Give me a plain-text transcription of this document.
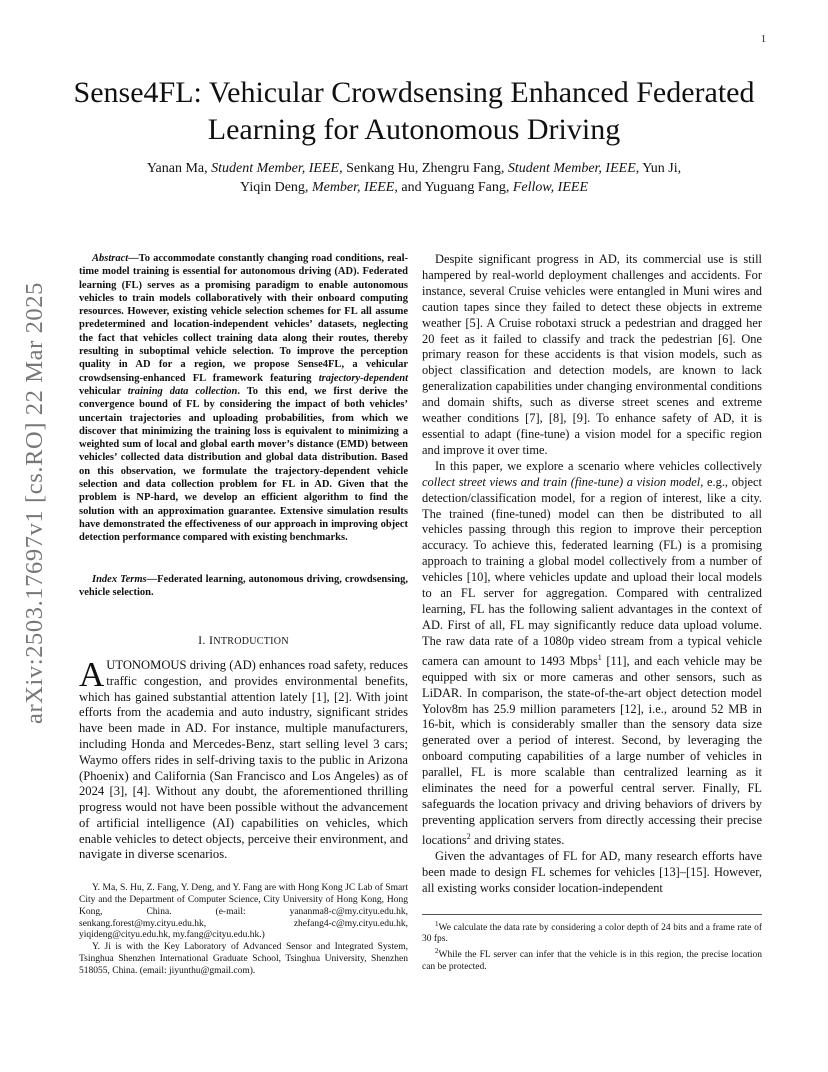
1
arXiv:2503.17697v1 [cs.RO] 22 Mar 2025
Sense4FL: Vehicular Crowdsensing Enhanced Federated Learning for Autonomous Driving
Yanan Ma, Student Member, IEEE, Senkang Hu, Zhengru Fang, Student Member, IEEE, Yun Ji,
Yiqin Deng, Member, IEEE, and Yuguang Fang, Fellow, IEEE

Abstract—To accommodate constantly changing road conditions, real-time model training is essential for autonomous driving (AD). Federated learning (FL) serves as a promising paradigm to enable autonomous vehicles to train models collaboratively with their onboard computing resources. However, existing vehicle selection schemes for FL all assume predetermined and location-independent vehicles’ datasets, neglecting the fact that vehicles collect training data along their routes, thereby resulting in suboptimal vehicle selection. To improve the perception quality in AD for a region, we propose Sense4FL, a vehicular crowdsensing-enhanced FL framework featuring trajectory-dependent vehicular training data collection. To this end, we first derive the convergence bound of FL by considering the impact of both vehicles’ uncertain trajectories and uploading probabilities, from which we discover that minimizing the training loss is equivalent to minimizing a weighted sum of local and global earth mover’s distance (EMD) between vehicles’ collected data distribution and global data distribution. Based on this observation, we formulate the trajectory-dependent vehicle selection and data collection problem for FL in AD. Given that the problem is NP-hard, we develop an efficient algorithm to find the solution with an approximation guarantee. Extensive simulation results have demonstrated the effectiveness of our approach in improving object detection performance compared with existing benchmarks.

Index Terms—Federated learning, autonomous driving, crowdsensing, vehicle selection.

I. INTRODUCTION

AUTONOMOUS driving (AD) enhances road safety, reduces traffic congestion, and provides environmental benefits, which has gained substantial attention lately [1], [2]. With joint efforts from the academia and auto industry, significant strides have been made in AD. For instance, multiple manufacturers, including Honda and Mercedes-Benz, start selling level 3 cars; Waymo offers rides in self-driving taxis to the public in Arizona (Phoenix) and California (San Francisco and Los Angeles) as of 2024 [3], [4]. Without any doubt, the aforementioned thrilling progress would not have been possible without the advancement of artificial intelligence (AI) capabilities on vehicles, which enable vehicles to detect objects, perceive their environment, and navigate in diverse scenarios.

Y. Ma, S. Hu, Z. Fang, Y. Deng, and Y. Fang are with Hong Kong JC Lab of Smart City and the Department of Computer Science, City University of Hong Kong, Hong Kong, China. (e-mail: yananma8-c@my.cityu.edu.hk, senkang.forest@my.cityu.edu.hk, zhefang4-c@my.cityu.edu.hk, yiqideng@cityu.edu.hk, my.fang@cityu.edu.hk.)

Y. Ji is with the Key Laboratory of Advanced Sensor and Integrated System, Tsinghua Shenzhen International Graduate School, Tsinghua University, Shenzhen 518055, China. (email: jiyunthu@gmail.com).

Despite significant progress in AD, its commercial use is still hampered by real-world deployment challenges and accidents. For instance, several Cruise vehicles were entangled in Muni wires and caution tapes since they failed to detect these objects in extreme weather [5]. A Cruise robotaxi struck a pedestrian and dragged her 20 feet as it failed to classify and track the pedestrian [6]. One primary reason for these accidents is that vision models, such as object classification and detection models, are known to lack generalization capabilities under changing environmental conditions and domain shifts, such as diverse street scenes and extreme weather conditions [7], [8], [9]. To enhance safety of AD, it is essential to adapt (fine-tune) a vision model for a specific region and improve it over time.

In this paper, we explore a scenario where vehicles collectively collect street views and train (fine-tune) a vision model, e.g., object detection/classification model, for a region of interest, like a city. The trained (fine-tuned) model can then be distributed to all vehicles passing through this region to improve their perception accuracy. To achieve this, federated learning (FL) is a promising approach to training a global model collectively from a number of vehicles [10], where vehicles update and upload their local models to an FL server for aggregation. Compared with centralized learning, FL has the following salient advantages in the context of AD. First of all, FL may significantly reduce data upload volume. The raw data rate of a 1080p video stream from a typical vehicle camera can amount to 1493 Mbps$^1$ [11], and each vehicle may be equipped with six or more cameras and other sensors, such as LiDAR. In comparison, the state-of-the-art object detection model Yolov8m has 25.9 million parameters [12], i.e., around 52 MB in 16-bit, which is considerably smaller than the sensory data size generated over a period of interest. Second, by leveraging the onboard computing capabilities of a large number of vehicles in parallel, FL is more scalable than centralized learning as it eliminates the need for a powerful central server. Finally, FL safeguards the location privacy and driving behaviors of drivers by preventing application servers from directly accessing their precise locations$^2$ and driving states.

Given the advantages of FL for AD, many research efforts have been made to design FL schemes for vehicles [13]–[15]. However, all existing works consider location-independent

$^1$We calculate the data rate by considering a color depth of 24 bits and a frame rate of 30 fps.

$^2$While the FL server can infer that the vehicle is in this region, the precise location can be protected.
